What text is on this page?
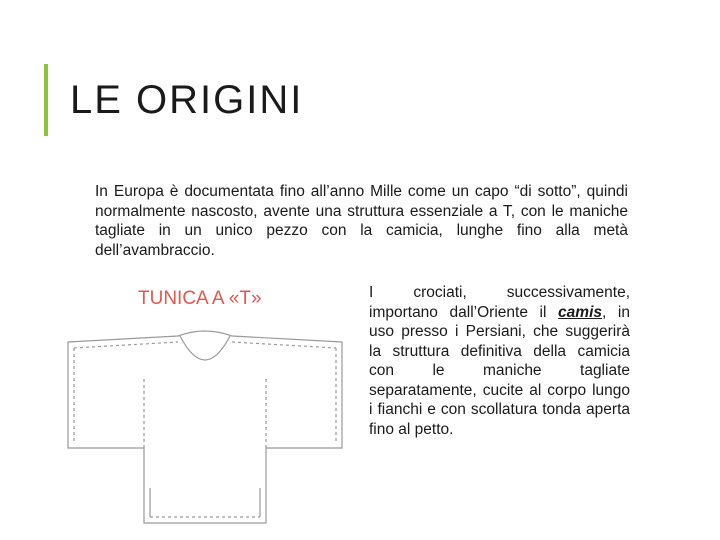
LE ORIGINI

In Europa è documentata fino all’anno Mille come un capo “di sotto”, quindi normalmente nascosto, avente una struttura essenziale a T, con le maniche tagliate in un unico pezzo con la camicia, lunghe fino alla metà dell’avambraccio.

TUNICA A «T»	I crociati, successivamente, importano dall’Oriente il camis, in uso presso i Persiani, che suggerirà la struttura definitiva della camicia con le maniche tagliate separatamente, cucite al corpo lungo i fianchi e con scollatura tonda aperta fino al petto.
